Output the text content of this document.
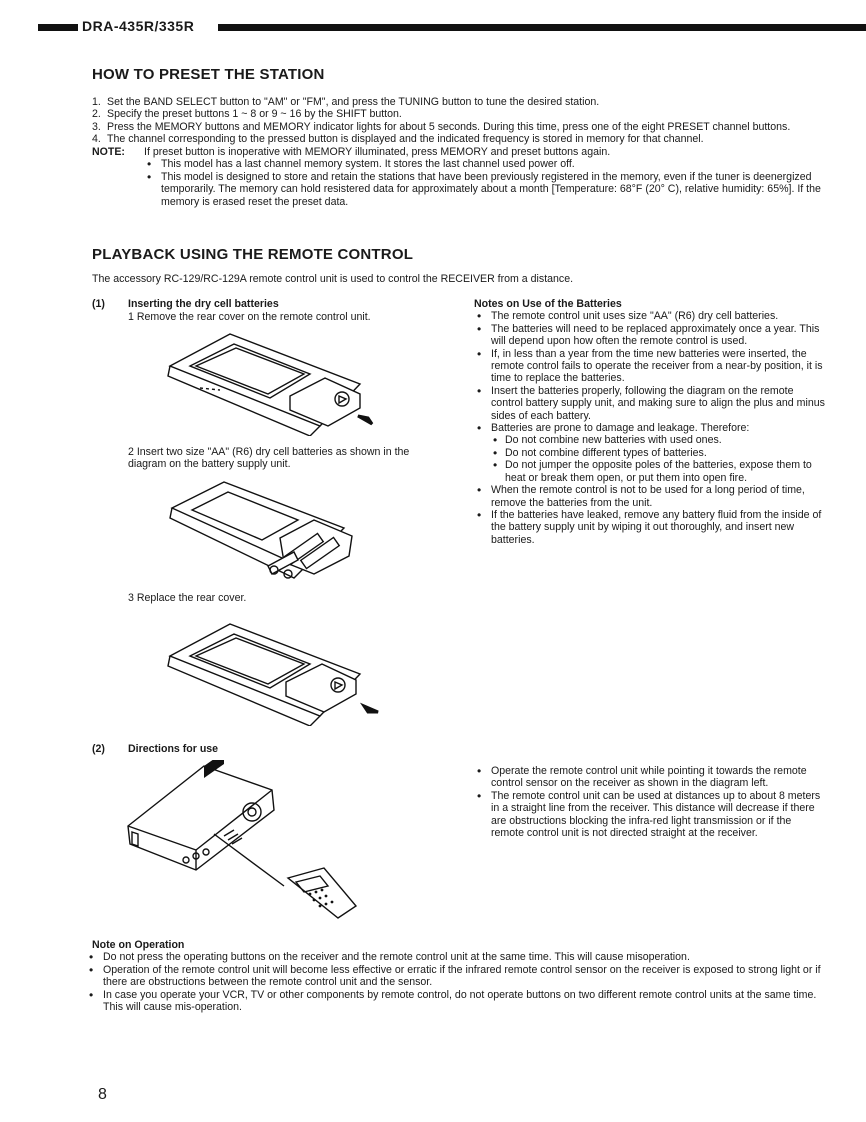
DRA-435R/335R
HOW TO PRESET THE STATION
1. Set the BAND SELECT button to "AM" or "FM", and press the TUNING button to tune the desired station.
2. Specify the preset buttons 1 ~ 8 or 9 ~ 16 by the SHIFT button.
3. Press the MEMORY buttons and MEMORY indicator lights for about 5 seconds. During this time, press one of the eight PRESET channel buttons.
4. The channel corresponding to the pressed button is displayed and the indicated frequency is stored in memory for that channel.
NOTE: If preset button is inoperative with MEMORY illuminated, press MEMORY and preset buttons again.
• This model has a last channel memory system. It stores the last channel used power off.
• This model is designed to store and retain the stations that have been previously registered in the memory, even if the tuner is deenergized temporarily. The memory can hold resistered data for approximately about a month [Temperature: 68°F (20° C), relative humidity: 65%]. If the memory is erased reset the preset data.
PLAYBACK USING THE REMOTE CONTROL
The accessory RC-129/RC-129A remote control unit is used to control the RECEIVER from a distance.
(1) Inserting the dry cell batteries
1 Remove the rear cover on the remote control unit.
2 Insert two size "AA" (R6) dry cell batteries as shown in the diagram on the battery supply unit.
3 Replace the rear cover.
Notes on Use of the Batteries
• The remote control unit uses size "AA" (R6) dry cell batteries.
• The batteries will need to be replaced approximately once a year. This will depend upon how often the remote control is used.
• If, in less than a year from the time new batteries were inserted, the remote control fails to operate the receiver from a near-by position, it is time to replace the batteries.
• Insert the batteries properly, following the diagram on the remote control battery supply unit, and making sure to align the plus and minus sides of each battery.
• Batteries are prone to damage and leakage. Therefore:
• Do not combine new batteries with used ones.
• Do not combine different types of batteries.
• Do not jumper the opposite poles of the batteries, expose them to heat or break them open, or put them into open fire.
• When the remote control is not to be used for a long period of time, remove the batteries from the unit.
• If the batteries have leaked, remove any battery fluid from the inside of the battery supply unit by wiping it out thoroughly, and insert new batteries.
(2) Directions for use
• Operate the remote control unit while pointing it towards the remote control sensor on the receiver as shown in the diagram left.
• The remote control unit can be used at distances up to about 8 meters in a straight line from the receiver. This distance will decrease if there are obstructions blocking the infra-red light transmission or if the remote control unit is not directed straight at the receiver.
Note on Operation
• Do not press the operating buttons on the receiver and the remote control unit at the same time. This will cause misoperation.
• Operation of the remote control unit will become less effective or erratic if the infrared remote control sensor on the receiver is exposed to strong light or if there are obstructions between the remote control unit and the sensor.
• In case you operate your VCR, TV or other components by remote control, do not operate buttons on two different remote control units at the same time. This will cause mis-operation.
8
